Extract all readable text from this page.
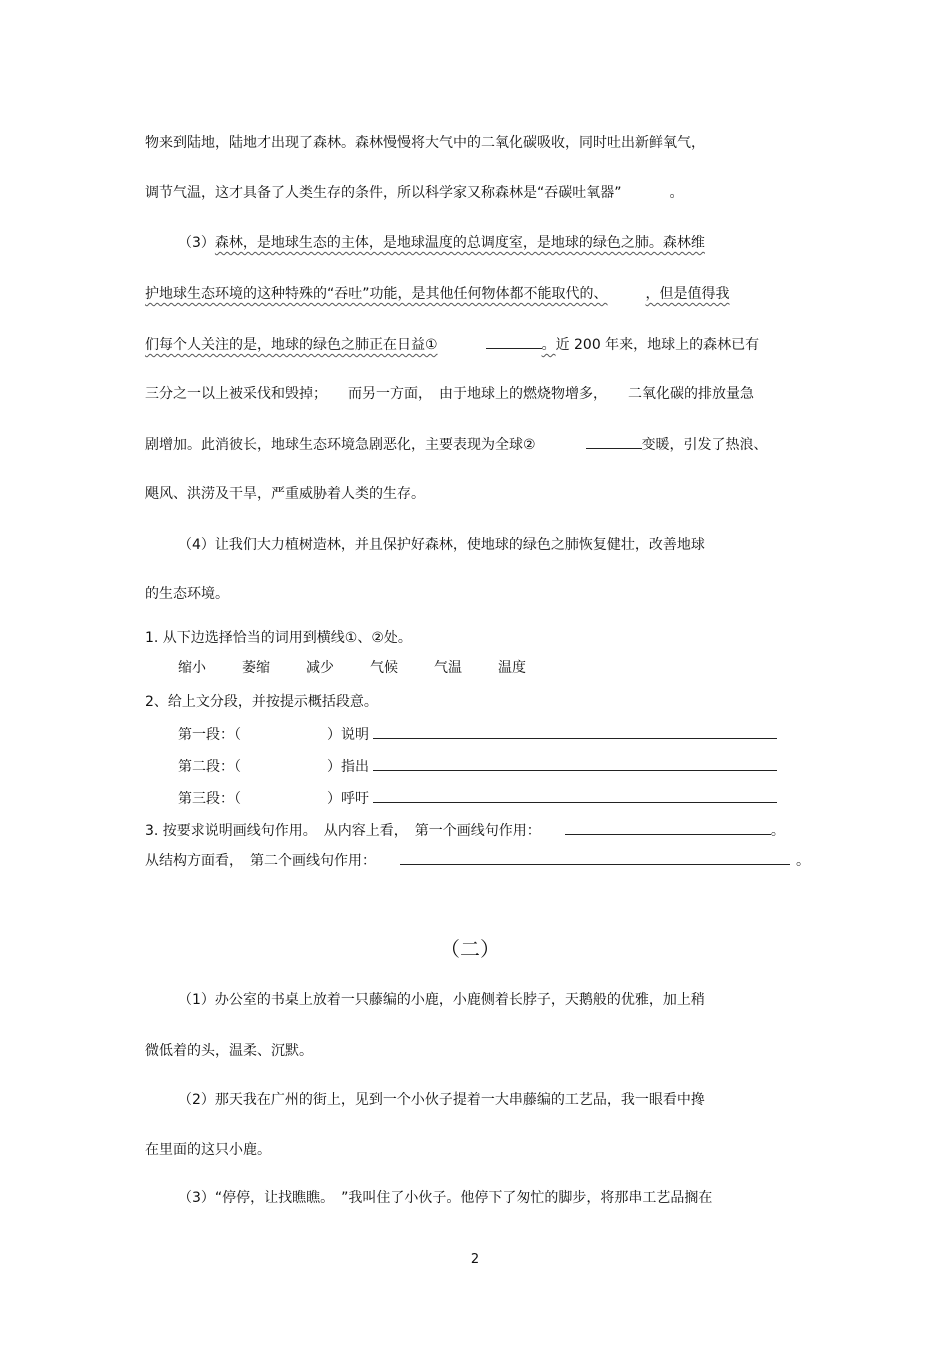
物来到陆地，陆地才出现了森林。森林慢慢将大气中的二氧化碳吸收，同时吐出新鲜氧气，
调节气温，这才具备了人类生存的条件，所以科学家又称森林是“吞碳吐氧器”	。
（3）森林，是地球生态的主体，是地球温度的总调度室，是地球的绿色之肺。森林维
护地球生态环境的这种特殊的“吞吐”功能，是其他任何物体都不能取代的、	，但是值得我
们每个人关注的是，地球的绿色之肺正在日益①	。近 200 年来，地球上的森林已有
三分之一以上被采伐和毁掉；　　而另一方面，　由于地球上的燃烧物增多，　　二氧化碳的排放量急
剧增加。此消彼长，地球生态环境急剧恶化，主要表现为全球②	变暖，引发了热浪、
飓风、洪涝及干旱，严重威胁着人类的生存。
（4）让我们大力植树造林，并且保护好森林，使地球的绿色之肺恢复健壮，改善地球
的生态环境。
1. 从下边选择恰当的词用到横线①、②处。
缩小	萎缩	减少	气候	气温	温度
2、给上文分段，并按提示概括段意。
第一段：（	）说明
第二段：（	）指出
第三段：（	）呼吁
3. 按要求说明画线句作用。　从内容上看，　第一个画线句作用：	。
从结构方面看，　第二个画线句作用：	。
（二）
（1）办公室的书桌上放着一只藤编的小鹿，小鹿侧着长脖子，天鹅般的优雅，加上稍
微低着的头，温柔、沉默。
（2）那天我在广州的街上，见到一个小伙子提着一大串藤编的工艺品，我一眼看中搀
在里面的这只小鹿。
（3）“停停，让找瞧瞧。　”我叫住了小伙子。他停下了匆忙的脚步，将那串工艺品搁在
2
